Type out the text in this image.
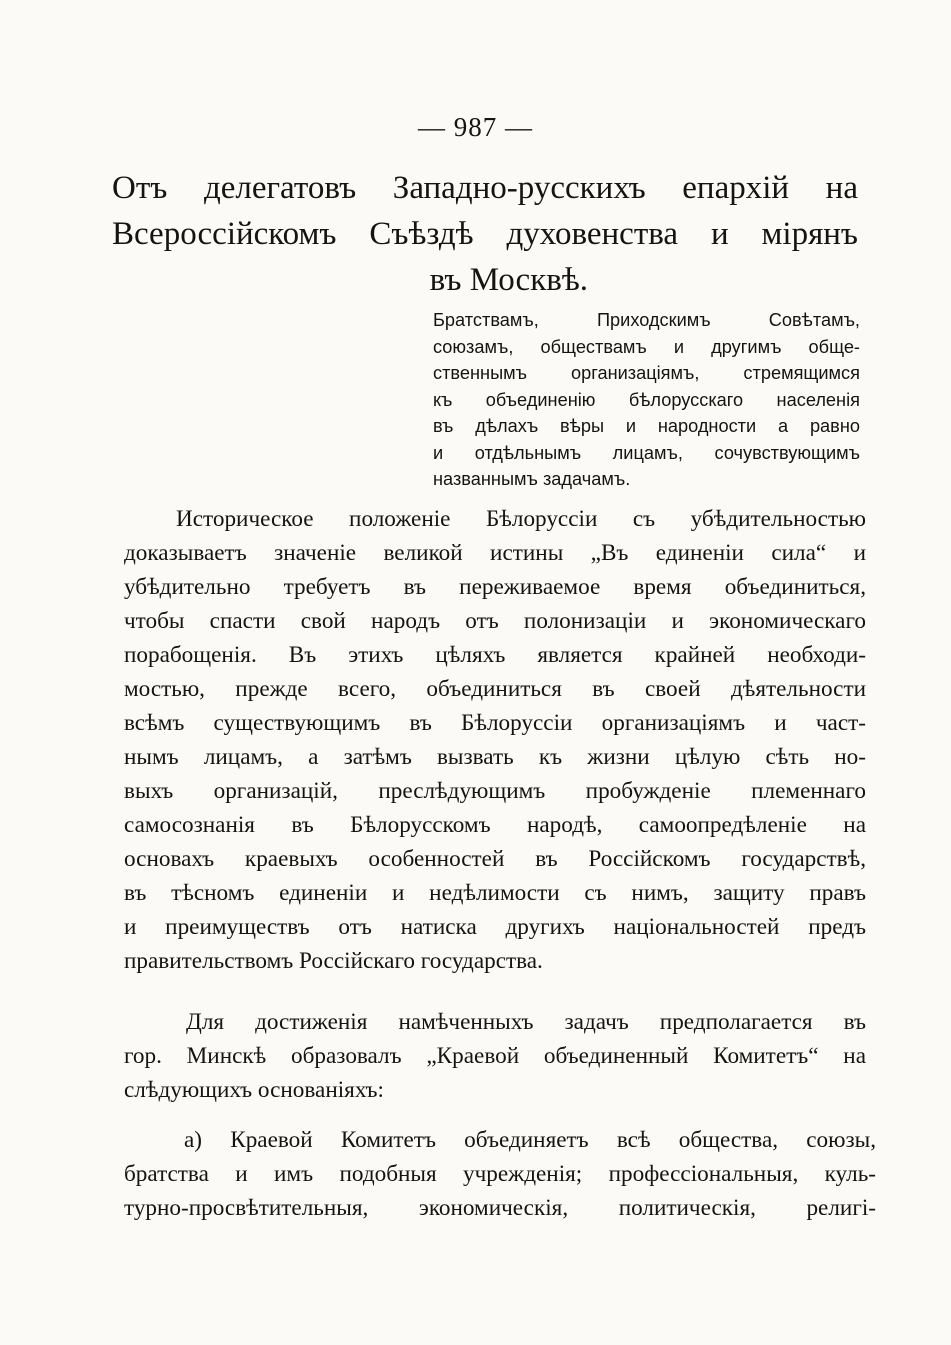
— 987 —
Отъ делегатовъ Западно-русскихъ епархій на
Всероссійскомъ Съѣздѣ духовенства и мірянъ
въ Москвѣ.
Братствамъ, Приходскимъ Совѣтамъ,
союзамъ, обществамъ и другимъ обще-
ственнымъ организаціямъ, стремящимся
къ объединенію бѣлорусскаго населенія
въ дѣлахъ вѣры и народности а равно
и отдѣльнымъ лицамъ, сочувствующимъ
названнымъ задачамъ.
Историческое положеніе Бѣлоруссіи съ убѣдительностью
доказываетъ значеніе великой истины „Въ единеніи сила“ и
убѣдительно требуетъ въ переживаемое время объединиться,
чтобы спасти свой народъ отъ полонизаціи и экономическаго
порабощенія. Въ этихъ цѣляхъ является крайней необходи-
мостью, прежде всего, объединиться въ своей дѣятельности
всѣмъ существующимъ въ Бѣлоруссіи организаціямъ и част-
нымъ лицамъ, а затѣмъ вызвать къ жизни цѣлую сѣть но-
выхъ организацій, преслѣдующимъ пробужденіе племеннаго
самосознанія въ Бѣлорусскомъ народѣ, самоопредѣленіе на
основахъ краевыхъ особенностей въ Россійскомъ государствѣ,
въ тѣсномъ единеніи и недѣлимости съ нимъ, защиту правъ
и преимуществъ отъ натиска другихъ національностей предъ
правительствомъ Россійскаго государства.
Для достиженія намѣченныхъ задачъ предполагается въ
гор. Минскѣ образовалъ „Краевой объединенный Комитетъ“ на
слѣдующихъ основаніяхъ:
а) Краевой Комитетъ объединяетъ всѣ общества, союзы,
братства и имъ подобныя учрежденія; профессіональныя, куль-
турно-просвѣтительныя, экономическія, политическія, религі-
